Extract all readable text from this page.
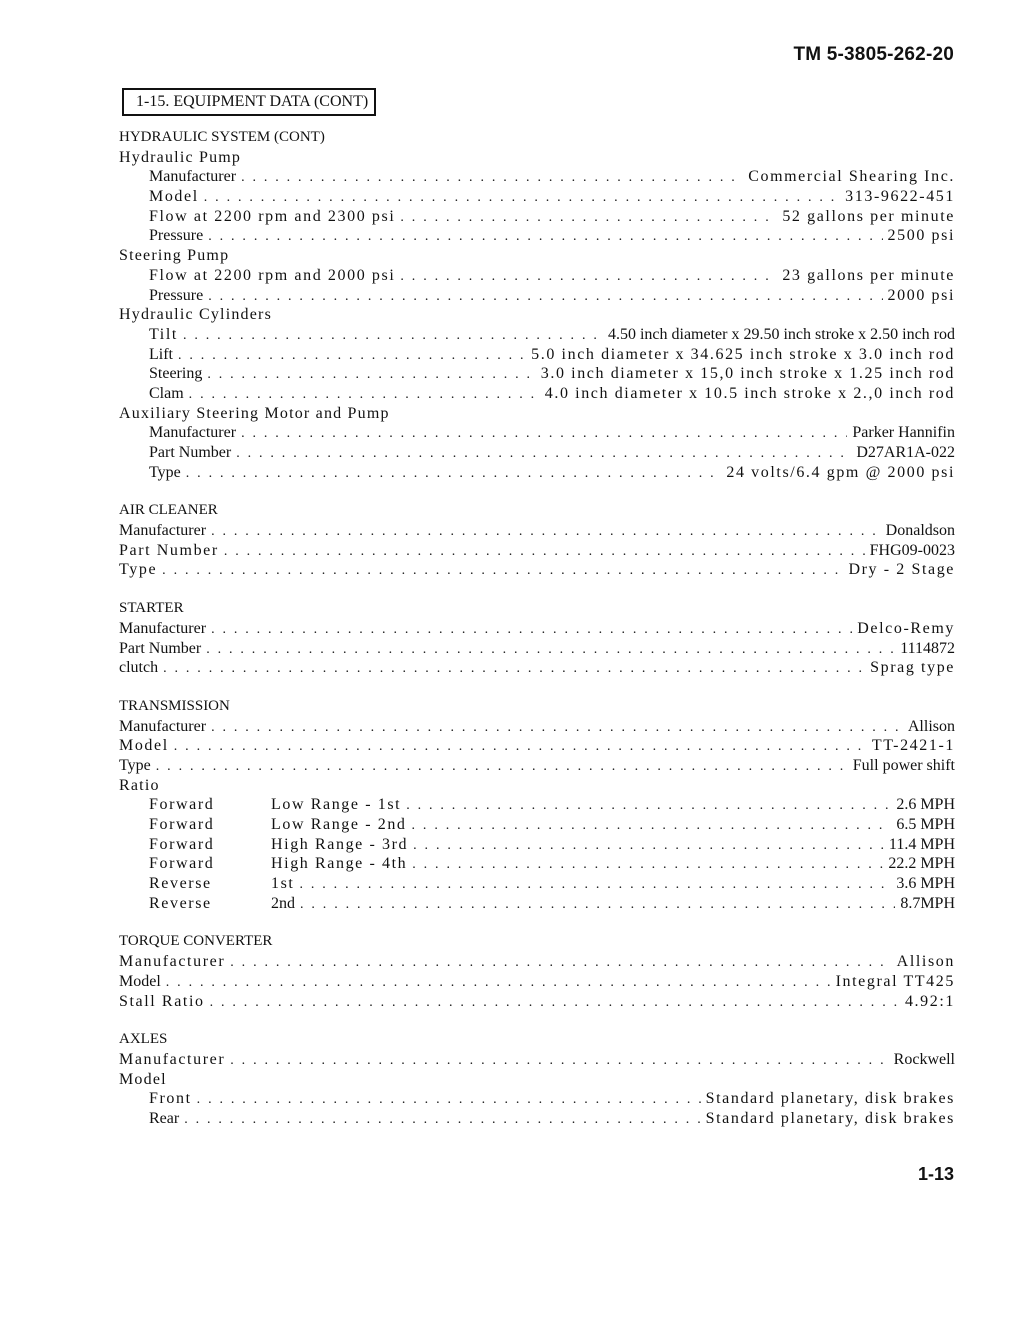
TM 5-3805-262-20
1-15. EQUIPMENT DATA (CONT)
HYDRAULIC SYSTEM (CONT)
Hydraulic Pump
Manufacturer . . .	Commercial Shearing Inc.
Model . . .	313-9622-451
Flow at 2200 rpm and 2300 psi . . .	52 gallons per minute
Pressure . . .	2500 psi
Steering Pump
Flow at 2200 rpm and 2000 psi . . .	23 gallons per minute
Pressure . . .	2000 psi
Hydraulic Cylinders
Tilt . . .	4.50 inch diameter x 29.50 inch stroke x 2.50 inch rod
Lift . . .	5.0 inch diameter x 34.625 inch stroke x 3.0 inch rod
Steering . . .	3.0 inch diameter x 15,0 inch stroke x 1.25 inch rod
Clam . . .	4.0 inch diameter x 10.5 inch stroke x 2.,0 inch rod
Auxiliary Steering Motor and Pump
Manufacturer . . .	Parker Hannifin
Part Number . . .	D27AR1A-022
Type . . .	24 volts/6.4 gpm @ 2000 psi
AIR CLEANER
Manufacturer . . .	Donaldson
Part Number . . .	FHG09-0023
Type . . .	Dry - 2 Stage
STARTER
Manufacturer . . .	Delco-Remy
Part Number . . .	1114872
clutch . . .	Sprag type
TRANSMISSION
Manufacturer . . .	Allison
Model . . .	TT-2421-1
Type . . .	Full power shift
Ratio
Forward	Low Range - 1st . . .	2.6 MPH
Forward	Low Range - 2nd . . .	6.5 MPH
Forward	High Range - 3rd . . .	11.4 MPH
Forward	High Range - 4th . . .	22.2 MPH
Reverse	1st . . .	3.6 MPH
Reverse	2nd . . .	8.7MPH
TORQUE CONVERTER
Manufacturer . . .	Allison
Model . . .	Integral TT425
Stall Ratio . . .	4.92:1
AXLES
Manufacturer . . .	Rockwell
Model
Front . . .	Standard planetary, disk brakes
Rear . . .	Standard planetary, disk brakes
1-13
